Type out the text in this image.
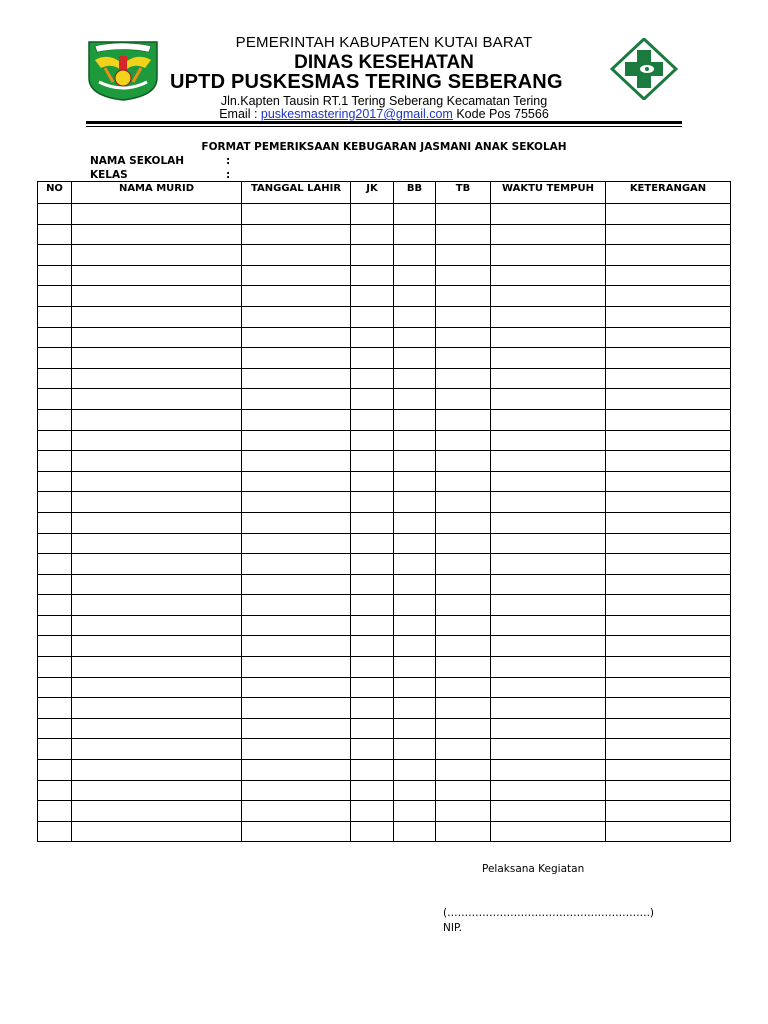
PEMERINTAH KABUPATEN KUTAI BARAT
DINAS KESEHATAN
UPTD PUSKESMAS TERING SEBERANG
Jln.Kapten Tausin RT.1 Tering Seberang Kecamatan Tering
Email : puskesmastering2017@gmail.com Kode Pos 75566
FORMAT PEMERIKSAAN KEBUGARAN JASMANI ANAK SEKOLAH
NAMA SEKOLAH	:
KELAS	:
NO	NAMA MURID	TANGGAL LAHIR	JK	BB	TB	WAKTU TEMPUH	KETERANGAN

Pelaksana Kegiatan
(………………………………………………….)
NIP.
